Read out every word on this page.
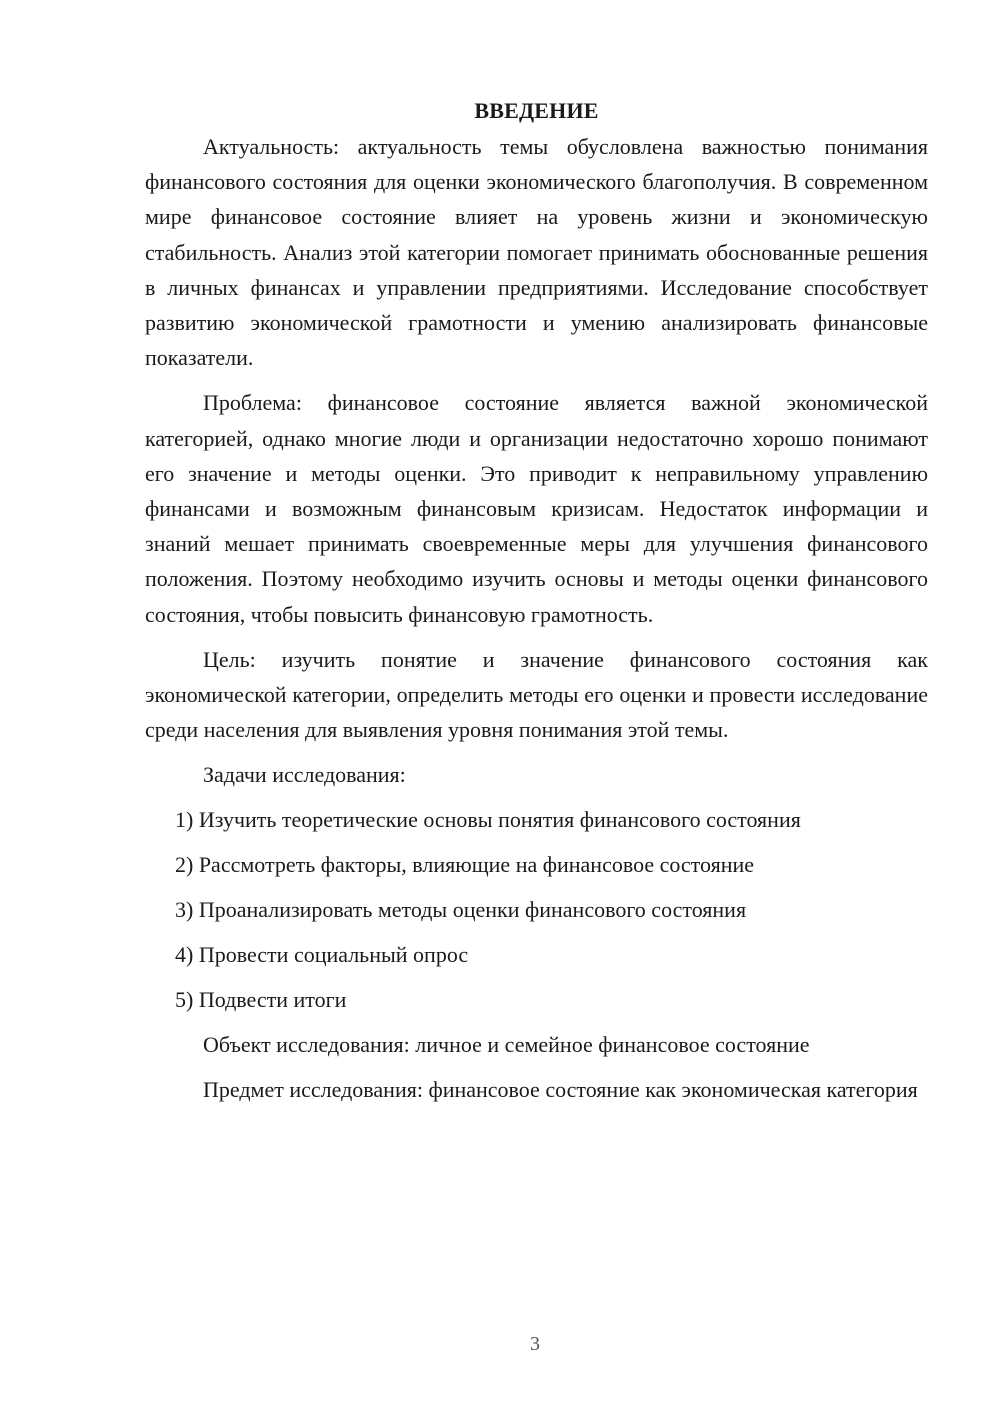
ВВЕДЕНИЕ

Актуальность: актуальность темы обусловлена важностью понимания финансового состояния для оценки экономического благополучия. В современном мире финансовое состояние влияет на уровень жизни и экономическую стабильность. Анализ этой категории помогает принимать обоснованные решения в личных финансах и управлении предприятиями. Исследование способствует развитию экономической грамотности и умению анализировать финансовые показатели.

Проблема: финансовое состояние является важной экономической категорией, однако многие люди и организации недостаточно хорошо понимают его значение и методы оценки. Это приводит к неправильному управлению финансами и возможным финансовым кризисам. Недостаток информации и знаний мешает принимать своевременные меры для улучшения финансового положения. Поэтому необходимо изучить основы и методы оценки финансового состояния, чтобы повысить финансовую грамотность.

Цель: изучить понятие и значение финансового состояния как экономической категории, определить методы его оценки и провести исследование среди населения для выявления уровня понимания этой темы.

Задачи исследования:

1) Изучить теоретические основы понятия финансового состояния
2) Рассмотреть факторы, влияющие на финансовое состояние
3) Проанализировать методы оценки финансового состояния
4) Провести социальный опрос
5) Подвести итоги

Объект исследования: личное и семейное финансовое состояние

Предмет исследования: финансовое состояние как экономическая категория

3
